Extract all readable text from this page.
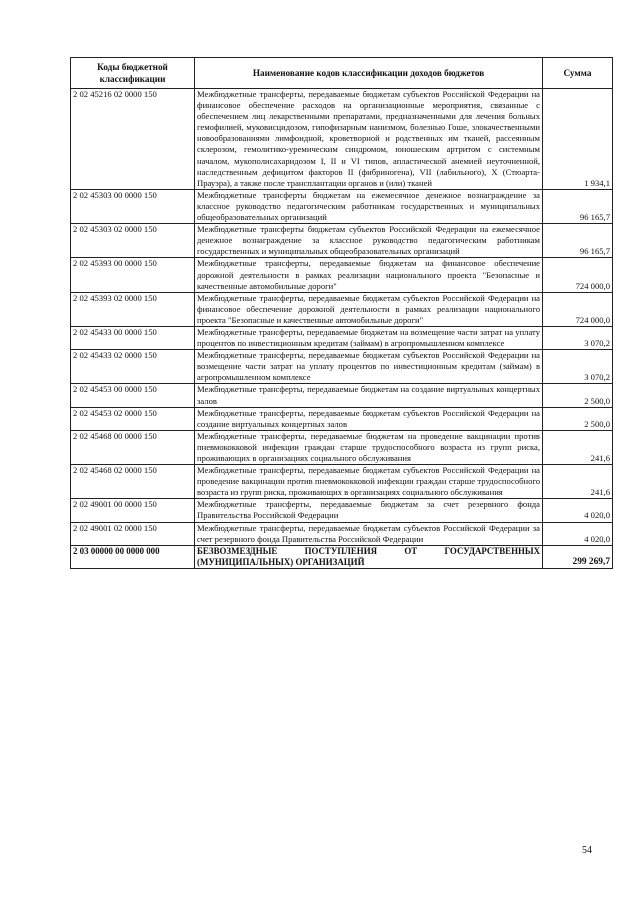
Коды бюджетной классификации	Наименование кодов классификации доходов бюджетов	Сумма
2 02 45216 02 0000 150	Межбюджетные трансферты, передаваемые бюджетам субъектов Российской Федерации на финансовое обеспечение расходов на организационные мероприятия, связанные с обеспечением лиц лекарственными препаратами, предназначенными для лечения больных гемофилией, муковисцидозом, гипофизарным нанизмом, болезнью Гоше, злокачественными новообразованиями лимфоидной, кроветворной и родственных им тканей, рассеянным склерозом, гемолитико-уремическим синдромом, юношеским артритом с системным началом, мукополисахаридозом I, II и VI типов, апластической анемией неуточненной, наследственным дефицитом факторов II (фибриногена), VII (лабильного), X (Стюарта-Прауэра), а также после трансплантации органов и (или) тканей	1 934,1
2 02 45303 00 0000 150	Межбюджетные трансферты бюджетам на ежемесячное денежное вознаграждение за классное руководство педагогическим работникам государственных и муниципальных общеобразовательных организаций	96 165,7
2 02 45303 02 0000 150	Межбюджетные трансферты бюджетам субъектов Российской Федерации на ежемесячное денежное вознаграждение за классное руководство педагогическим работникам государственных и муниципальных общеобразовательных организаций	96 165,7
2 02 45393 00 0000 150	Межбюджетные трансферты, передаваемые бюджетам на финансовое обеспечение дорожной деятельности в рамках реализации национального проекта "Безопасные и качественные автомобильные дороги"	724 000,0
2 02 45393 02 0000 150	Межбюджетные трансферты, передаваемые бюджетам субъектов Российской Федерации на финансовое обеспечение дорожной деятельности в рамках реализации национального проекта "Безопасные и качественные автомобильные дороги"	724 000,0
2 02 45433 00 0000 150	Межбюджетные трансферты, передаваемые бюджетам на возмещение части затрат на уплату процентов по инвестиционным кредитам (займам) в агропромышленном комплексе	3 070,2
2 02 45433 02 0000 150	Межбюджетные трансферты, передаваемые бюджетам субъектов Российской Федерации на возмещение части затрат на уплату процентов по инвестиционным кредитам (займам) в агропромышленном комплексе	3 070,2
2 02 45453 00 0000 150	Межбюджетные трансферты, передаваемые бюджетам на создание виртуальных концертных залов	2 500,0
2 02 45453 02 0000 150	Межбюджетные трансферты, передаваемые бюджетам субъектов Российской Федерации на создание виртуальных концертных залов	2 500,0
2 02 45468 00 0000 150	Межбюджетные трансферты, передаваемые бюджетам на проведение вакцинации против пневмококковой инфекции граждан старше трудоспособного возраста из групп риска, проживающих в организациях социального обслуживания	241,6
2 02 45468 02 0000 150	Межбюджетные трансферты, передаваемые бюджетам субъектов Российской Федерации на проведение вакцинации против пневмококковой инфекции граждан старше трудоспособного возраста из групп риска, проживающих в организациях социального обслуживания	241,6
2 02 49001 00 0000 150	Межбюджетные трансферты, передаваемые бюджетам за счет резервного фонда Правительства Российской Федерации	4 020,0
2 02 49001 02 0000 150	Межбюджетные трансферты, передаваемые бюджетам субъектов Российской Федерации за счет резервного фонда Правительства Российской Федерации	4 020,0
2 03 00000 00 0000 000	БЕЗВОЗМЕЗДНЫЕ ПОСТУПЛЕНИЯ ОТ ГОСУДАРСТВЕННЫХ (МУНИЦИПАЛЬНЫХ) ОРГАНИЗАЦИЙ	299 269,7
54
